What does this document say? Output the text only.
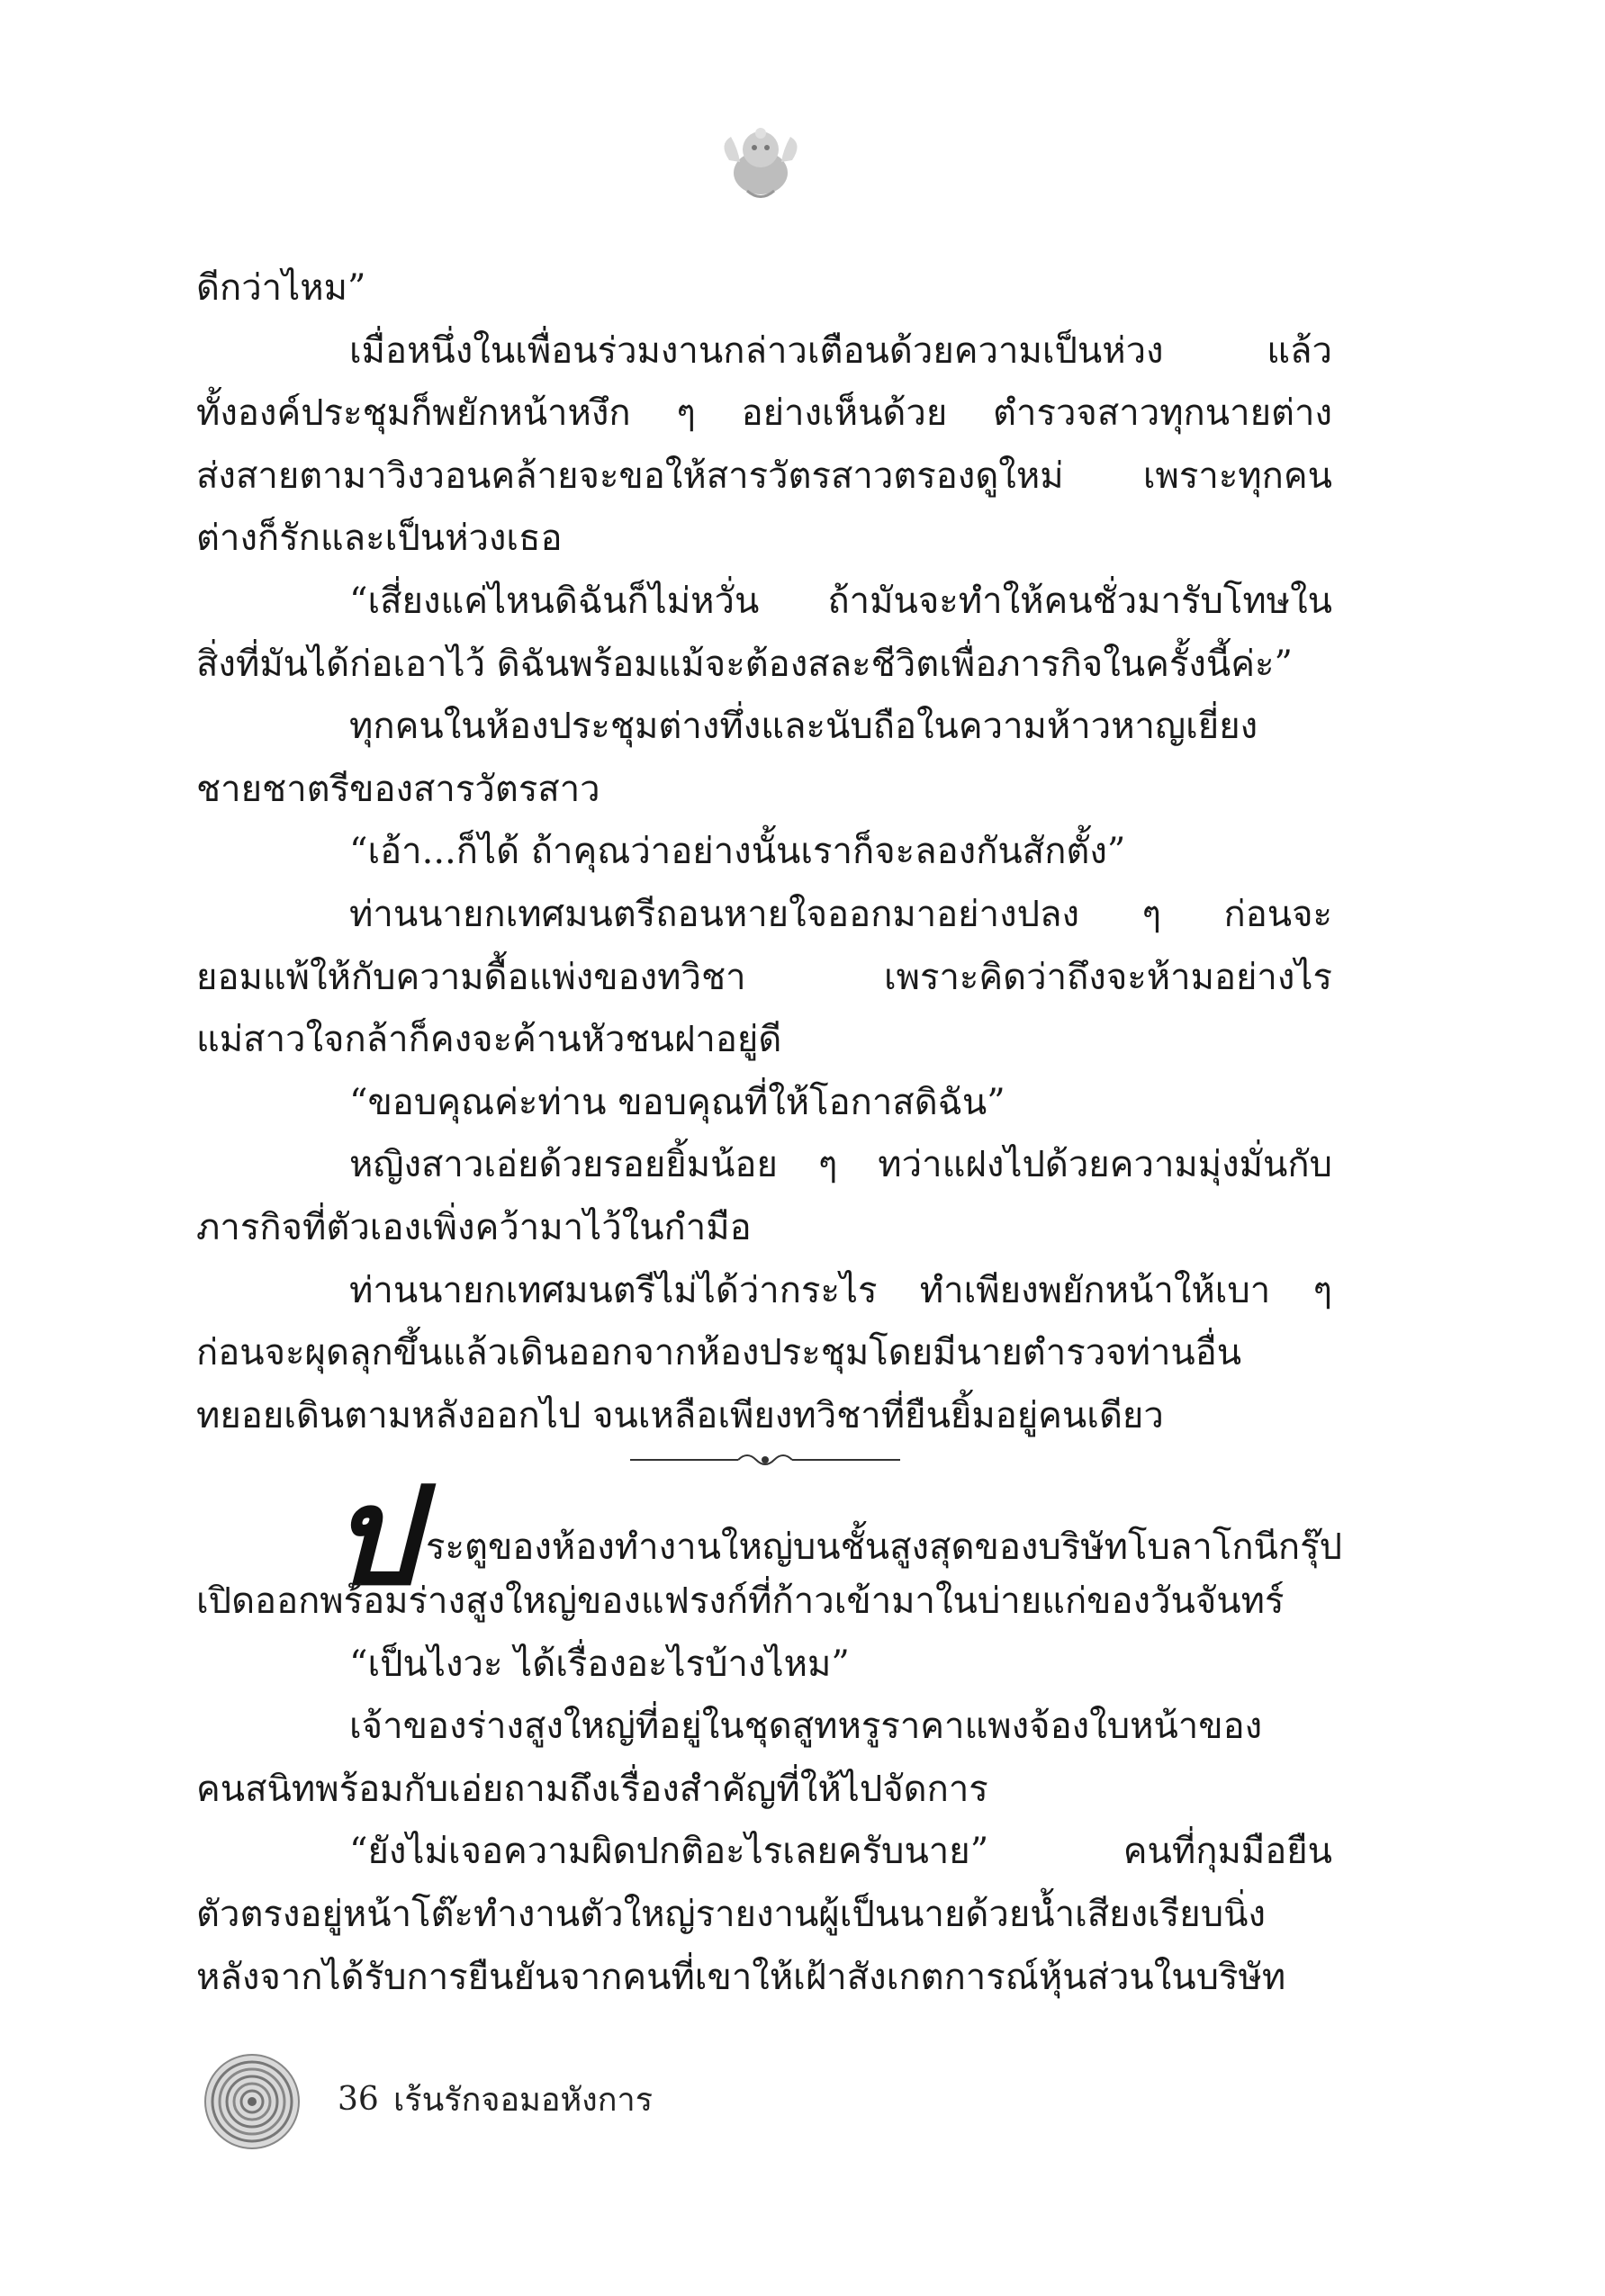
ดีกว่าไหม”
เมื่อหนึ่งในเพื่อนร่วมงานกล่าวเตือนด้วยความเป็นห่วง แล้ว
ทั้งองค์ประชุมก็พยักหน้าหงึก ๆ อย่างเห็นด้วย ตำรวจสาวทุกนายต่าง
ส่งสายตามาวิงวอนคล้ายจะขอให้สารวัตรสาวตรองดูใหม่ เพราะทุกคน
ต่างก็รักและเป็นห่วงเธอ
“เสี่ยงแค่ไหนดิฉันก็ไม่หวั่น ถ้ามันจะทำให้คนชั่วมารับโทษใน
สิ่งที่มันได้ก่อเอาไว้ ดิฉันพร้อมแม้จะต้องสละชีวิตเพื่อภารกิจในครั้งนี้ค่ะ”
ทุกคนในห้องประชุมต่างทึ่งและนับถือในความห้าวหาญเยี่ยง
ชายชาตรีของสารวัตรสาว
“เอ้า...ก็ได้ ถ้าคุณว่าอย่างนั้นเราก็จะลองกันสักตั้ง”
ท่านนายกเทศมนตรีถอนหายใจออกมาอย่างปลง ๆ ก่อนจะ
ยอมแพ้ให้กับความดื้อแพ่งของทวิชา เพราะคิดว่าถึงจะห้ามอย่างไร
แม่สาวใจกล้าก็คงจะค้านหัวชนฝาอยู่ดี
“ขอบคุณค่ะท่าน ขอบคุณที่ให้โอกาสดิฉัน”
หญิงสาวเอ่ยด้วยรอยยิ้มน้อย ๆ ทว่าแฝงไปด้วยความมุ่งมั่นกับ
ภารกิจที่ตัวเองเพิ่งคว้ามาไว้ในกำมือ
ท่านนายกเทศมนตรีไม่ได้ว่ากระไร ทำเพียงพยักหน้าให้เบา ๆ
ก่อนจะผุดลุกขึ้นแล้วเดินออกจากห้องประชุมโดยมีนายตำรวจท่านอื่น
ทยอยเดินตามหลังออกไป จนเหลือเพียงทวิชาที่ยืนยิ้มอยู่คนเดียว
ป ระตูของห้องทำงานใหญ่บนชั้นสูงสุดของบริษัทโบลาโกนีกรุ๊ป
เปิดออกพร้อมร่างสูงใหญ่ของแฟรงก์ที่ก้าวเข้ามาในบ่ายแก่ของวันจันทร์
“เป็นไงวะ ได้เรื่องอะไรบ้างไหม”
เจ้าของร่างสูงใหญ่ที่อยู่ในชุดสูทหรูราคาแพงจ้องใบหน้าของ
คนสนิทพร้อมกับเอ่ยถามถึงเรื่องสำคัญที่ให้ไปจัดการ
“ยังไม่เจอความผิดปกติอะไรเลยครับนาย” คนที่กุมมือยืน
ตัวตรงอยู่หน้าโต๊ะทำงานตัวใหญ่รายงานผู้เป็นนายด้วยน้ำเสียงเรียบนิ่ง
หลังจากได้รับการยืนยันจากคนที่เขาให้เฝ้าสังเกตการณ์หุ้นส่วนในบริษัท
36 เร้นรักจอมอหังการ
